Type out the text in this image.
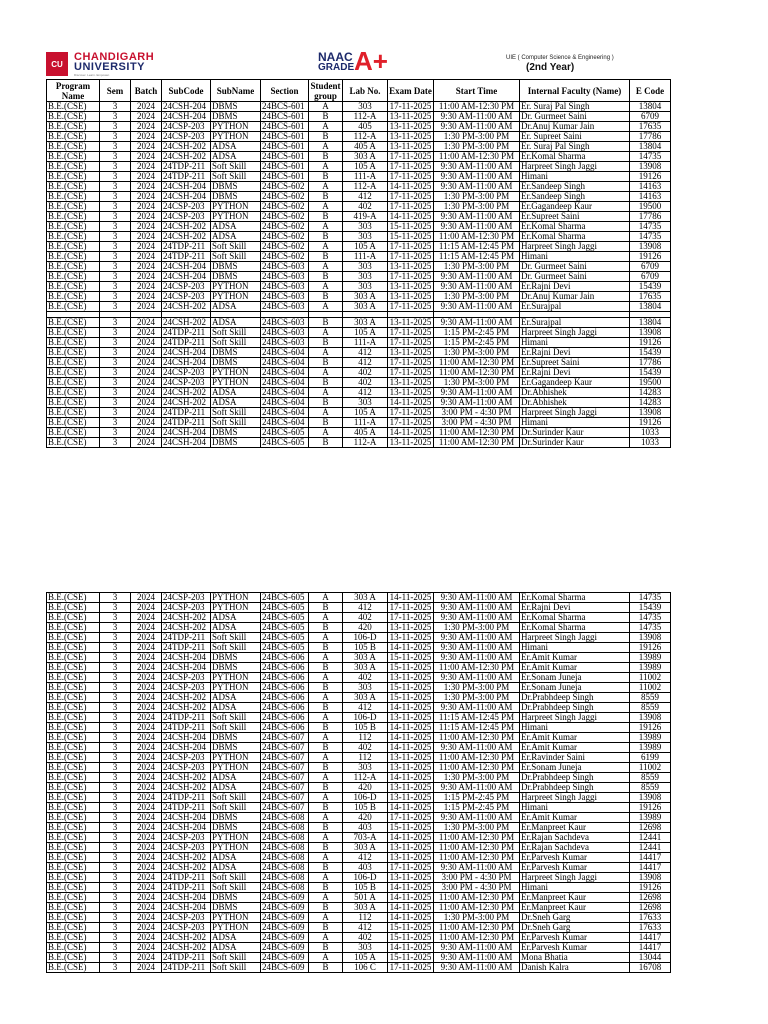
CU
CHANDIGARH
UNIVERSITY
Discover. Learn. Empower.
NAAC
GRADE A+	UIE ( Computer Science & Engineering )
(2nd Year)
Program Name	Sem	Batch	SubCode	SubName	Section	Student group	Lab No.	Exam Date	Start Time	Internal Faculty (Name)	E Code
B.E.(CSE)	3	2024	24CSH-204	DBMS	24BCS-601	A	303	17-11-2025	11:00 AM-12:30 PM	Er. Suraj Pal Singh	13804
B.E.(CSE)	3	2024	24CSH-204	DBMS	24BCS-601	B	112-A	13-11-2025	9:30 AM-11:00 AM	Dr. Gurmeet Saini	6709
B.E.(CSE)	3	2024	24CSP-203	PYTHON	24BCS-601	A	405	13-11-2025	9:30 AM-11:00 AM	Dr.Anuj Kumar Jain	17635
B.E.(CSE)	3	2024	24CSP-203	PYTHON	24BCS-601	B	112-A	13-11-2025	1:30 PM-3:00 PM	Er. Supreet Saini	17786
B.E.(CSE)	3	2024	24CSH-202	ADSA	24BCS-601	A	405 A	13-11-2025	1:30 PM-3:00 PM	Er. Suraj Pal Singh	13804
B.E.(CSE)	3	2024	24CSH-202	ADSA	24BCS-601	B	303 A	17-11-2025	11:00 AM-12:30 PM	Er.Komal Sharma	14735
B.E.(CSE)	3	2024	24TDP-211	Soft Skill	24BCS-601	A	105 A	17-11-2025	9:30 AM-11:00 AM	Harpreet Singh Jaggi	13908
B.E.(CSE)	3	2024	24TDP-211	Soft Skill	24BCS-601	B	111-A	17-11-2025	9:30 AM-11:00 AM	Himani	19126
B.E.(CSE)	3	2024	24CSH-204	DBMS	24BCS-602	A	112-A	14-11-2025	9:30 AM-11:00 AM	Er.Sandeep Singh	14163
B.E.(CSE)	3	2024	24CSH-204	DBMS	24BCS-602	B	412	17-11-2025	1:30 PM-3:00 PM	Er.Sandeep Singh	14163
B.E.(CSE)	3	2024	24CSP-203	PYTHON	24BCS-602	A	402	17-11-2025	1:30 PM-3:00 PM	Er.Gagandeep Kaur	19500
B.E.(CSE)	3	2024	24CSP-203	PYTHON	24BCS-602	B	419-A	14-11-2025	9:30 AM-11:00 AM	Er.Supreet Saini	17786
B.E.(CSE)	3	2024	24CSH-202	ADSA	24BCS-602	A	303	15-11-2025	9:30 AM-11:00 AM	Er.Komal Sharma	14735
B.E.(CSE)	3	2024	24CSH-202	ADSA	24BCS-602	B	303	15-11-2025	11:00 AM-12:30 PM	Er.Komal Sharma	14735
B.E.(CSE)	3	2024	24TDP-211	Soft Skill	24BCS-602	A	105 A	17-11-2025	11:15 AM-12:45 PM	Harpreet Singh Jaggi	13908
B.E.(CSE)	3	2024	24TDP-211	Soft Skill	24BCS-602	B	111-A	17-11-2025	11:15 AM-12:45 PM	Himani	19126
B.E.(CSE)	3	2024	24CSH-204	DBMS	24BCS-603	A	303	13-11-2025	1:30 PM-3:00 PM	Dr. Gurmeet Saini	6709
B.E.(CSE)	3	2024	24CSH-204	DBMS	24BCS-603	B	303	17-11-2025	9:30 AM-11:00 AM	Dr. Gurmeet Saini	6709
B.E.(CSE)	3	2024	24CSP-203	PYTHON	24BCS-603	A	303	13-11-2025	9:30 AM-11:00 AM	Er.Rajni Devi	15439
B.E.(CSE)	3	2024	24CSP-203	PYTHON	24BCS-603	B	303 A	13-11-2025	1:30 PM-3:00 PM	Dr.Anuj Kumar Jain	17635
B.E.(CSE)	3	2024	24CSH-202	ADSA	24BCS-603	A	303 A	17-11-2025	9:30 AM-11:00 AM	Er.Surajpal	13804

B.E.(CSE)	3	2024	24CSH-202	ADSA	24BCS-603	B	303 A	13-11-2025	9:30 AM-11:00 AM	Er.Surajpal	13804
B.E.(CSE)	3	2024	24TDP-211	Soft Skill	24BCS-603	A	105 A	17-11-2025	1:15 PM-2:45 PM	Harpreet Singh Jaggi	13908
B.E.(CSE)	3	2024	24TDP-211	Soft Skill	24BCS-603	B	111-A	17-11-2025	1:15 PM-2:45 PM	Himani	19126
B.E.(CSE)	3	2024	24CSH-204	DBMS	24BCS-604	A	412	13-11-2025	1:30 PM-3:00 PM	Er.Rajni Devi	15439
B.E.(CSE)	3	2024	24CSH-204	DBMS	24BCS-604	B	412	17-11-2025	11:00 AM-12:30 PM	Er.Supreet Saini	17786
B.E.(CSE)	3	2024	24CSP-203	PYTHON	24BCS-604	A	402	17-11-2025	11:00 AM-12:30 PM	Er.Rajni Devi	15439
B.E.(CSE)	3	2024	24CSP-203	PYTHON	24BCS-604	B	402	13-11-2025	1:30 PM-3:00 PM	Er.Gagandeep Kaur	19500
B.E.(CSE)	3	2024	24CSH-202	ADSA	24BCS-604	A	412	13-11-2025	9:30 AM-11:00 AM	Dr.Abhishek	14283
B.E.(CSE)	3	2024	24CSH-202	ADSA	24BCS-604	B	303	14-11-2025	9:30 AM-11:00 AM	Dr.Abhishek	14283
B.E.(CSE)	3	2024	24TDP-211	Soft Skill	24BCS-604	A	105 A	17-11-2025	3:00 PM - 4:30 PM	Harpreet Singh Jaggi	13908
B.E.(CSE)	3	2024	24TDP-211	Soft Skill	24BCS-604	B	111-A	17-11-2025	3:00 PM - 4:30 PM	Himani	19126
B.E.(CSE)	3	2024	24CSH-204	DBMS	24BCS-605	A	405 A	14-11-2025	11:00 AM-12:30 PM	Dr.Surinder Kaur	1033
B.E.(CSE)	3	2024	24CSH-204	DBMS	24BCS-605	B	112-A	13-11-2025	11:00 AM-12:30 PM	Dr.Surinder Kaur	1033
B.E.(CSE)	3	2024	24CSP-203	PYTHON	24BCS-605	A	303 A	14-11-2025	9:30 AM-11:00 AM	Er.Komal Sharma	14735
B.E.(CSE)	3	2024	24CSP-203	PYTHON	24BCS-605	B	412	17-11-2025	9:30 AM-11:00 AM	Er.Rajni Devi	15439
B.E.(CSE)	3	2024	24CSH-202	ADSA	24BCS-605	A	402	17-11-2025	9:30 AM-11:00 AM	Er.Komal Sharma	14735
B.E.(CSE)	3	2024	24CSH-202	ADSA	24BCS-605	B	420	13-11-2025	1:30 PM-3:00 PM	Er.Komal Sharma	14735
B.E.(CSE)	3	2024	24TDP-211	Soft Skill	24BCS-605	A	106-D	13-11-2025	9:30 AM-11:00 AM	Harpreet Singh Jaggi	13908
B.E.(CSE)	3	2024	24TDP-211	Soft Skill	24BCS-605	B	105 B	14-11-2025	9:30 AM-11:00 AM	Himani	19126
B.E.(CSE)	3	2024	24CSH-204	DBMS	24BCS-606	A	303 A	15-11-2025	9:30 AM-11:00 AM	Er.Amit Kumar	13989
B.E.(CSE)	3	2024	24CSH-204	DBMS	24BCS-606	B	303 A	15-11-2025	11:00 AM-12:30 PM	Er.Amit Kumar	13989
B.E.(CSE)	3	2024	24CSP-203	PYTHON	24BCS-606	A	402	13-11-2025	9:30 AM-11:00 AM	Er.Sonam Juneja	11002
B.E.(CSE)	3	2024	24CSP-203	PYTHON	24BCS-606	B	303	15-11-2025	1:30 PM-3:00 PM	Er.Sonam Juneja	11002
B.E.(CSE)	3	2024	24CSH-202	ADSA	24BCS-606	A	303 A	15-11-2025	1:30 PM-3:00 PM	Dr.Prabhdeep Singh	8559
B.E.(CSE)	3	2024	24CSH-202	ADSA	24BCS-606	B	412	14-11-2025	9:30 AM-11:00 AM	Dr.Prabhdeep Singh	8559
B.E.(CSE)	3	2024	24TDP-211	Soft Skill	24BCS-606	A	106-D	13-11-2025	11:15 AM-12:45 PM	Harpreet Singh Jaggi	13908
B.E.(CSE)	3	2024	24TDP-211	Soft Skill	24BCS-606	B	105 B	14-11-2025	11:15 AM-12:45 PM	Himani	19126
B.E.(CSE)	3	2024	24CSH-204	DBMS	24BCS-607	A	112	14-11-2025	11:00 AM-12:30 PM	Er.Amit Kumar	13989
B.E.(CSE)	3	2024	24CSH-204	DBMS	24BCS-607	B	402	14-11-2025	9:30 AM-11:00 AM	Er.Amit Kumar	13989
B.E.(CSE)	3	2024	24CSP-203	PYTHON	24BCS-607	A	112	13-11-2025	11:00 AM-12:30 PM	Er.Ravinder Saini	6199
B.E.(CSE)	3	2024	24CSP-203	PYTHON	24BCS-607	B	303	13-11-2025	11:00 AM-12:30 PM	Er.Sonam Juneja	11002
B.E.(CSE)	3	2024	24CSH-202	ADSA	24BCS-607	A	112-A	14-11-2025	1:30 PM-3:00 PM	Dr.Prabhdeep Singh	8559
B.E.(CSE)	3	2024	24CSH-202	ADSA	24BCS-607	B	420	13-11-2025	9:30 AM-11:00 AM	Dr.Prabhdeep Singh	8559
B.E.(CSE)	3	2024	24TDP-211	Soft Skill	24BCS-607	A	106-D	13-11-2025	1:15 PM-2:45 PM	Harpreet Singh Jaggi	13908
B.E.(CSE)	3	2024	24TDP-211	Soft Skill	24BCS-607	B	105 B	14-11-2025	1:15 PM-2:45 PM	Himani	19126
B.E.(CSE)	3	2024	24CSH-204	DBMS	24BCS-608	A	420	17-11-2025	9:30 AM-11:00 AM	Er.Amit Kumar	13989
B.E.(CSE)	3	2024	24CSH-204	DBMS	24BCS-608	B	403	15-11-2025	1:30 PM-3:00 PM	Er.Manpreet Kaur	12698
B.E.(CSE)	3	2024	24CSP-203	PYTHON	24BCS-608	A	703-A	14-11-2025	11:00 AM-12:30 PM	Er.Rajan Sachdeva	12441
B.E.(CSE)	3	2024	24CSP-203	PYTHON	24BCS-608	B	303 A	13-11-2025	11:00 AM-12:30 PM	Er.Rajan Sachdeva	12441
B.E.(CSE)	3	2024	24CSH-202	ADSA	24BCS-608	A	412	13-11-2025	11:00 AM-12:30 PM	Er.Parvesh Kumar	14417
B.E.(CSE)	3	2024	24CSH-202	ADSA	24BCS-608	B	403	17-11-2025	9:30 AM-11:00 AM	Er.Parvesh Kumar	14417
B.E.(CSE)	3	2024	24TDP-211	Soft Skill	24BCS-608	A	106-D	13-11-2025	3:00 PM - 4:30 PM	Harpreet Singh Jaggi	13908
B.E.(CSE)	3	2024	24TDP-211	Soft Skill	24BCS-608	B	105 B	14-11-2025	3:00 PM - 4:30 PM	Himani	19126
B.E.(CSE)	3	2024	24CSH-204	DBMS	24BCS-609	A	501 A	14-11-2025	11:00 AM-12:30 PM	Er.Manpreet Kaur	12698
B.E.(CSE)	3	2024	24CSH-204	DBMS	24BCS-609	B	303 A	14-11-2025	11:00 AM-12:30 PM	Er.Manpreet Kaur	12698
B.E.(CSE)	3	2024	24CSP-203	PYTHON	24BCS-609	A	112	14-11-2025	1:30 PM-3:00 PM	Dr.Sneh Garg	17633
B.E.(CSE)	3	2024	24CSP-203	PYTHON	24BCS-609	B	412	15-11-2025	11:00 AM-12:30 PM	Dr.Sneh Garg	17633
B.E.(CSE)	3	2024	24CSH-202	ADSA	24BCS-609	A	402	15-11-2025	11:00 AM-12:30 PM	Er.Parvesh Kumar	14417
B.E.(CSE)	3	2024	24CSH-202	ADSA	24BCS-609	B	303	14-11-2025	9:30 AM-11:00 AM	Er.Parvesh Kumar	14417
B.E.(CSE)	3	2024	24TDP-211	Soft Skill	24BCS-609	A	105 A	15-11-2025	9:30 AM-11:00 AM	Mona Bhatia	13044
B.E.(CSE)	3	2024	24TDP-211	Soft Skill	24BCS-609	B	106 C	17-11-2025	9:30 AM-11:00 AM	Danish Kalra	16708
